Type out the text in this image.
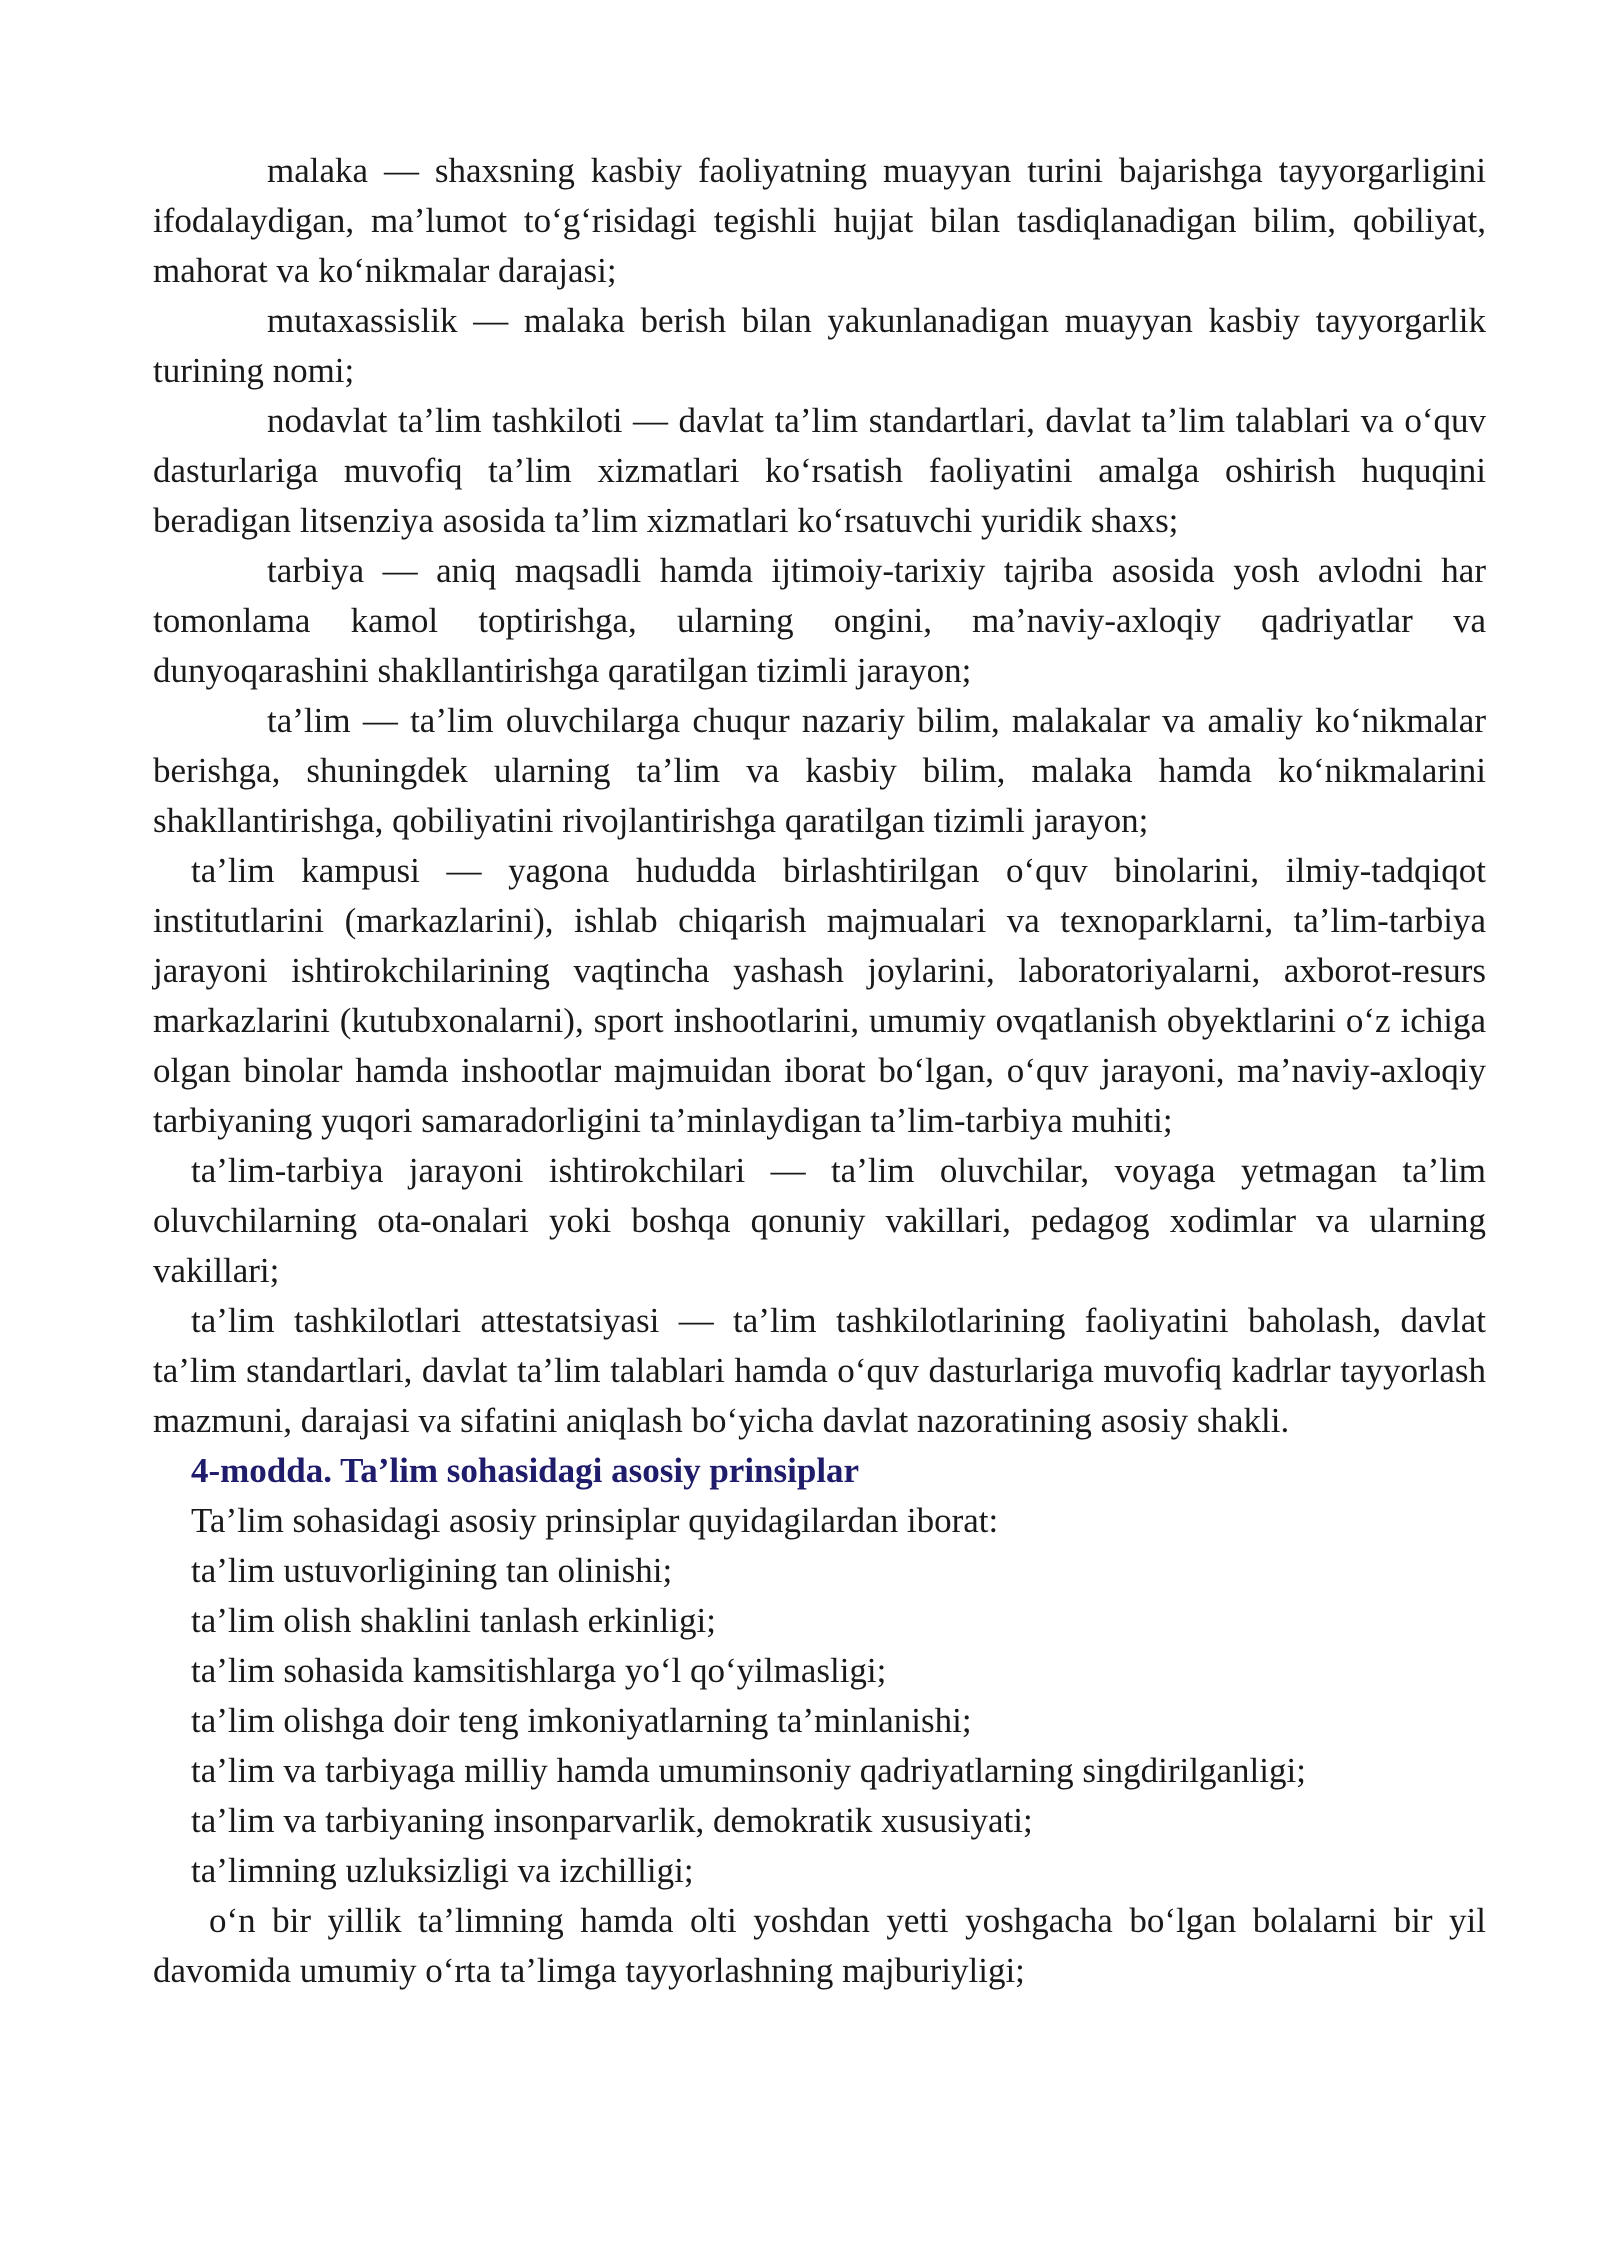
malaka — shaxsning kasbiy faoliyatning muayyan turini bajarishga tayyorgarligini ifodalaydigan, ma’lumot to‘g‘risidagi tegishli hujjat bilan tasdiqlanadigan bilim, qobiliyat, mahorat va ko‘nikmalar darajasi;

mutaxassislik — malaka berish bilan yakunlanadigan muayyan kasbiy tayyorgarlik turining nomi;

nodavlat ta’lim tashkiloti — davlat ta’lim standartlari, davlat ta’lim talablari va o‘quv dasturlariga muvofiq ta’lim xizmatlari ko‘rsatish faoliyatini amalga oshirish huquqini beradigan litsenziya asosida ta’lim xizmatlari ko‘rsatuvchi yuridik shaxs;

tarbiya — aniq maqsadli hamda ijtimoiy-tarixiy tajriba asosida yosh avlodni har tomonlama kamol toptirishga, ularning ongini, ma’naviy-axloqiy qadriyatlar va dunyoqarashini shakllantirishga qaratilgan tizimli jarayon;

ta’lim — ta’lim oluvchilarga chuqur nazariy bilim, malakalar va amaliy ko‘nikmalar berishga, shuningdek ularning ta’lim va kasbiy bilim, malaka hamda ko‘nikmalarini shakllantirishga, qobiliyatini rivojlantirishga qaratilgan tizimli jarayon;

ta’lim kampusi — yagona hududda birlashtirilgan o‘quv binolarini, ilmiy-tadqiqot institutlarini (markazlarini), ishlab chiqarish majmualari va texnoparklarni, ta’lim-tarbiya jarayoni ishtirokchilarining vaqtincha yashash joylarini, laboratoriyalarni, axborot-resurs markazlarini (kutubxonalarni), sport inshootlarini, umumiy ovqatlanish obyektlarini o‘z ichiga olgan binolar hamda inshootlar majmuidan iborat bo‘lgan, o‘quv jarayoni, ma’naviy-axloqiy tarbiyaning yuqori samaradorligini ta’minlaydigan ta’lim-tarbiya muhiti;

ta’lim-tarbiya jarayoni ishtirokchilari — ta’lim oluvchilar, voyaga yetmagan ta’lim oluvchilarning ota-onalari yoki boshqa qonuniy vakillari, pedagog xodimlar va ularning vakillari;

ta’lim tashkilotlari attestatsiyasi — ta’lim tashkilotlarining faoliyatini baholash, davlat ta’lim standartlari, davlat ta’lim talablari hamda o‘quv dasturlariga muvofiq kadrlar tayyorlash mazmuni, darajasi va sifatini aniqlash bo‘yicha davlat nazoratining asosiy shakli.

4-modda. Ta’lim sohasidagi asosiy prinsiplar

Ta’lim sohasidagi asosiy prinsiplar quyidagilardan iborat:

ta’lim ustuvorligining tan olinishi;

ta’lim olish shaklini tanlash erkinligi;

ta’lim sohasida kamsitishlarga yo‘l qo‘yilmasligi;

ta’lim olishga doir teng imkoniyatlarning ta’minlanishi;

ta’lim va tarbiyaga milliy hamda umuminsoniy qadriyatlarning singdirilganligi;

ta’lim va tarbiyaning insonparvarlik, demokratik xususiyati;

ta’limning uzluksizligi va izchilligi;

o‘n bir yillik ta’limning hamda olti yoshdan yetti yoshgacha bo‘lgan bolalarni bir yil davomida umumiy o‘rta ta’limga tayyorlashning majburiyligi;
